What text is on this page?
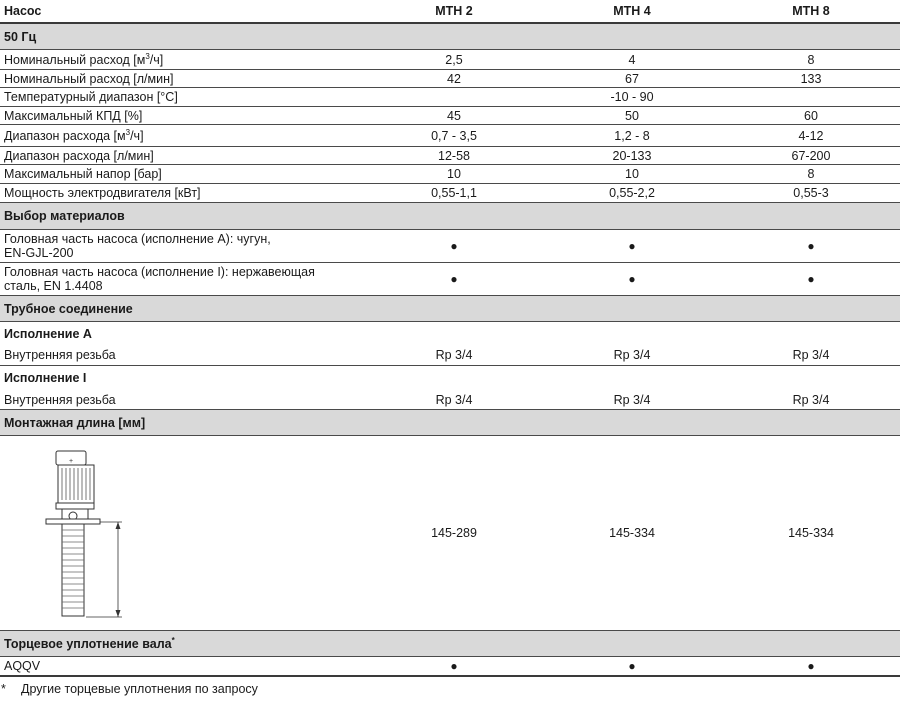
Насос	MTH 2	MTH 4	MTH 8
50 Гц
Номинальный расход $[м^3/ч]$	2,5	4	8
Номинальный расход [л/мин]	42	67	133
Температурный диапазон [°C]	-10 - 90
Максимальный КПД [%]	45	50	60
Диапазон расхода $[м^3/ч]$	0,7 - 3,5	1,2 - 8	4-12
Диапазон расхода [л/мин]	12-58	20-133	67-200
Максимальный напор [бар]	10	10	8
Мощность электродвигателя [кВт]	0,55-1,1	0,55-2,2	0,55-3
Выбор материалов
Головная часть насоса (исполнение А): чугун,
EN-GJL-200	●	●	●
Головная часть насоса (исполнение I): нержавеющая
сталь, EN 1.4408	●	●	●
Трубное соединение
Исполнение А
Внутренняя резьба	Rp 3/4	Rp 3/4	Rp 3/4
Исполнение I
Внутренняя резьба	Rp 3/4	Rp 3/4	Rp 3/4
Монтажная длина [мм]
+
145-289	145-334	145-334
Торцевое уплотнение вала*
AQQV	●	●	●
* Другие торцевые уплотнения по запросу
